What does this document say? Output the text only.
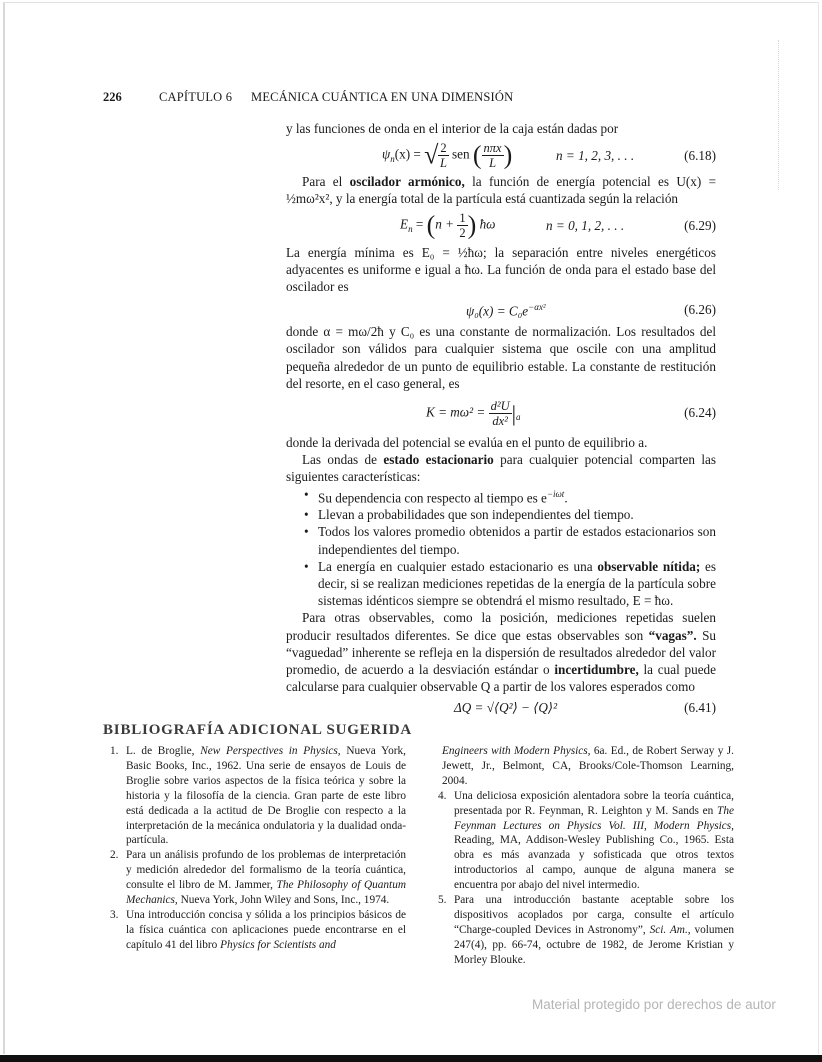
226	CAPÍTULO 6 MECÁNICA CUÁNTICA EN UNA DIMENSIÓN

y las funciones de onda en el interior de la caja están dadas por

$\psi_n(x)$ = √ $\frac{2}{L}$ sen ( $\frac{\text{nπx}}{L}$ )	n = 1, 2, 3, . . .	(6.18)

Para el oscilador armónico, la función de energía potencial es U(x) = ½mω²x², y la energía total de la partícula está cuantizada según la relación

$E_n = (n + \frac{1}{2}$ ) ħω	n = 0, 1, 2, . . .	(6.29)

La energía mínima es E₀ = ½ħω; la separación entre niveles energéticos adyacentes es uniforme e igual a ħω. La función de onda para el estado base del oscilador es

$\psi_0(x) = C_0e^{-\alpha x^2}$	(6.26)

donde α = mω/2ħ y C₀ es una constante de normalización. Los resultados del oscilador son válidos para cualquier sistema que oscile con una amplitud pequeña alrededor de un punto de equilibrio estable. La constante de restitución del resorte, en el caso general, es

$K = m\omega^2 = \frac{\text{d²U}}{\text{dx²}} |_a$	(6.24)

donde la derivada del potencial se evalúa en el punto de equilibrio a.

Las ondas de estado estacionario para cualquier potencial comparten las siguientes características:

• Su dependencia con respecto al tiempo es $e^{-i\omega t}$.
• Llevan a probabilidades que son independientes del tiempo.
• Todos los valores promedio obtenidos a partir de estados estacionarios son independientes del tiempo.
• La energía en cualquier estado estacionario es una observable nítida; es decir, si se realizan mediciones repetidas de la energía de la partícula sobre sistemas idénticos siempre se obtendrá el mismo resultado, E = ħω.

Para otras observables, como la posición, mediciones repetidas suelen producir resultados diferentes. Se dice que estas observables son “vagas”. Su “vaguedad” inherente se refleja en la dispersión de resultados alrededor del valor promedio, de acuerdo a la desviación estándar o incertidumbre, la cual puede calcularse para cualquier observable Q a partir de los valores esperados como

ΔQ = √⟨Q²⟩ − ⟨Q⟩²	(6.41)
BIBLIOGRAFÍA ADICIONAL SUGERIDA
1. L. de Broglie, New Perspectives in Physics, Nueva York, Basic Books, Inc., 1962. Una serie de ensayos de Louis de Broglie sobre varios aspectos de la física teórica y sobre la historia y la filosofía de la ciencia. Gran parte de este libro está dedicada a la actitud de De Broglie con respecto a la interpretación de la mecánica ondulatoria y la dualidad onda-partícula.
2. Para un análisis profundo de los problemas de interpretación y medición alrededor del formalismo de la teoría cuántica, consulte el libro de M. Jammer, The Philosophy of Quantum Mechanics, Nueva York, John Wiley and Sons, Inc., 1974.
3. Una introducción concisa y sólida a los principios básicos de la física cuántica con aplicaciones puede encontrarse en el capítulo 41 del libro Physics for Scientists and
Engineers with Modern Physics, 6a. Ed., de Robert Serway y J. Jewett, Jr., Belmont, CA, Brooks/Cole-Thomson Learning, 2004.
4. Una deliciosa exposición alentadora sobre la teoría cuántica, presentada por R. Feynman, R. Leighton y M. Sands en The Feynman Lectures on Physics Vol. III, Modern Physics, Reading, MA, Addison-Wesley Publishing Co., 1965. Esta obra es más avanzada y sofisticada que otros textos introductorios al campo, aunque de alguna manera se encuentra por abajo del nivel intermedio.
5. Para una introducción bastante aceptable sobre los dispositivos acoplados por carga, consulte el artículo “Charge-coupled Devices in Astronomy”, Sci. Am., volumen 247(4), pp. 66-74, octubre de 1982, de Jerome Kristian y Morley Blouke.
Material protegido por derechos de autor
